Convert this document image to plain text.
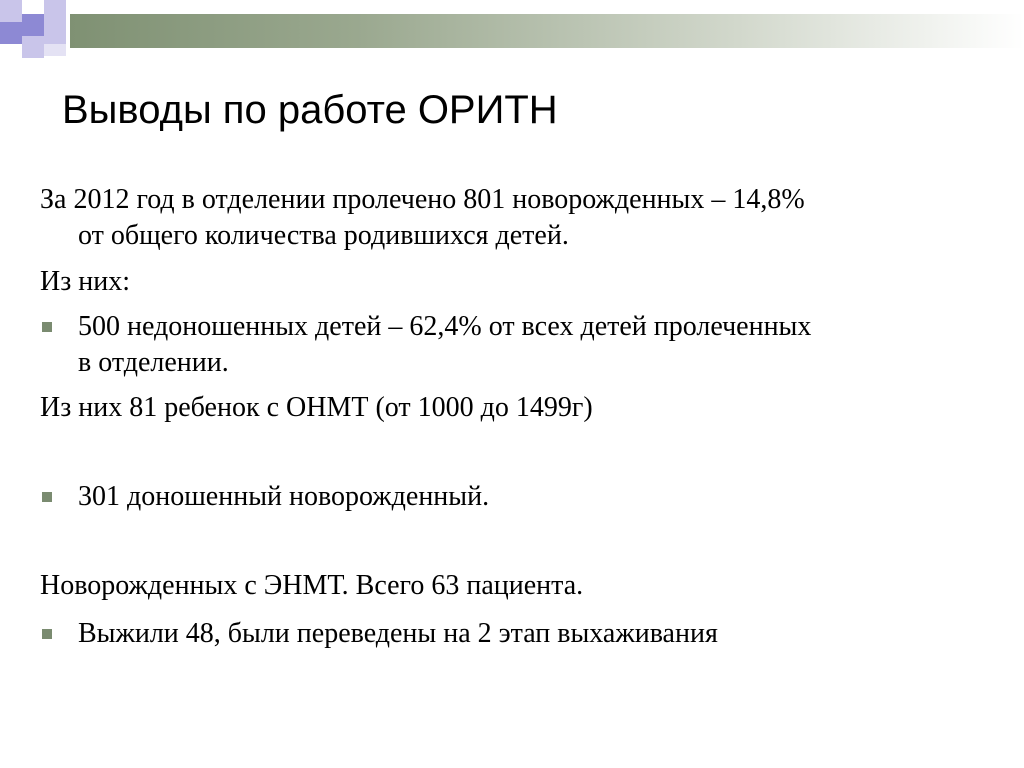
Выводы по работе ОРИТН
За 2012 год в отделении пролечено 801 новорожденных – 14,8%
от общего количества родившихся детей.
Из них:
500 недоношенных детей – 62,4% от всех детей пролеченных
в отделении.
Из них 81 ребенок с ОНМТ (от 1000 до 1499г)
301 доношенный новорожденный.
Новорожденных с ЭНМТ. Всего 63 пациента.
Выжили 48, были переведены на 2 этап выхаживания
